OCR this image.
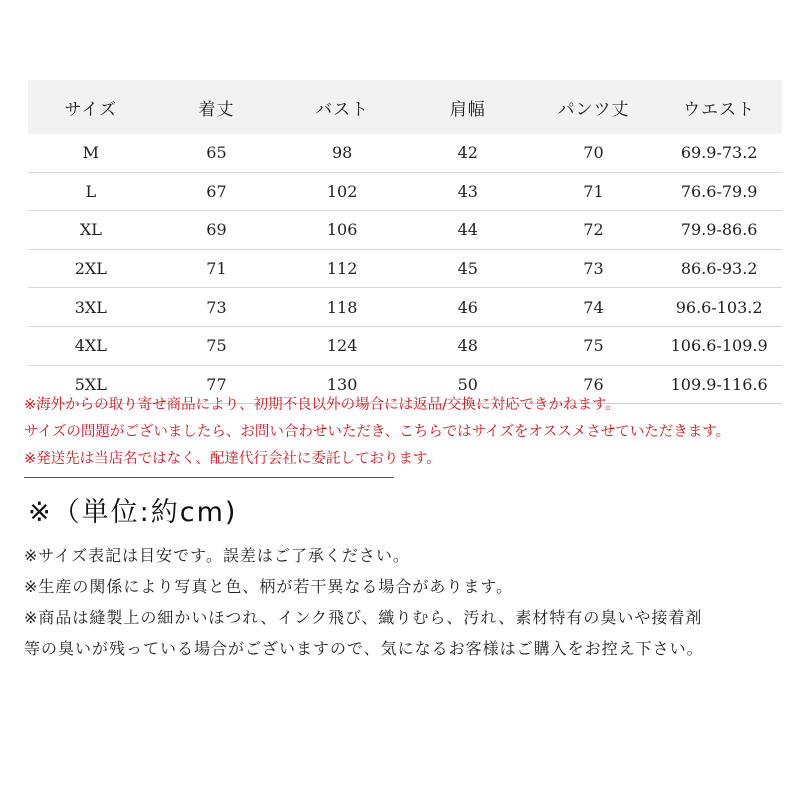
サイズ	着丈	バスト	肩幅	パンツ丈	ウエスト
M	65	98	42	70	69.9-73.2
L	67	102	43	71	76.6-79.9
XL	69	106	44	72	79.9-86.6
2XL	71	112	45	73	86.6-93.2
3XL	73	118	46	74	96.6-103.2
4XL	75	124	48	75	106.6-109.9
5XL	77	130	50	76	109.9-116.6
※海外からの取り寄せ商品により、初期不良以外の場合には返品/交換に対応できかねます。
サイズの問題がございましたら、お問い合わせいただき、こちらではサイズをオススメさせていただきます。
※発送先は当店名ではなく、配達代行会社に委託しております。
※（単位:約cm)
※サイズ表記は目安です。誤差はご了承ください。
※生産の関係により写真と色、柄が若干異なる場合があります。
※商品は縫製上の細かいほつれ、インク飛び、織りむら、汚れ、素材特有の臭いや接着剤
等の臭いが残っている場合がございますので、気になるお客様はご購入をお控え下さい。
